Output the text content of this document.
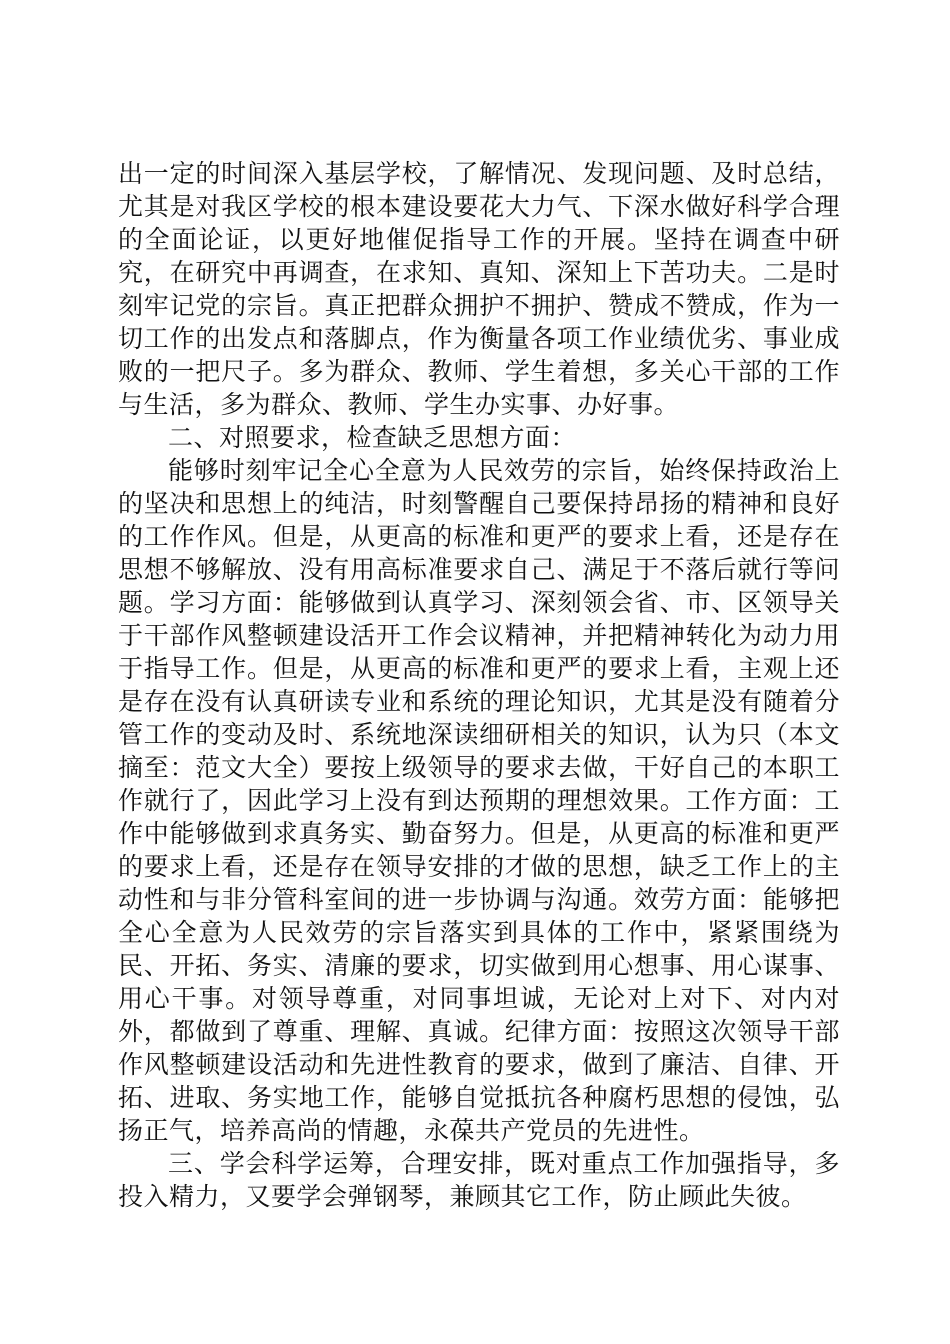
出一定的时间深入基层学校，了解情况、发现问题、及时总结，尤其是对我区学校的根本建设要花大力气、下深水做好科学合理的全面论证，以更好地催促指导工作的开展。坚持在调查中研究，在研究中再调查，在求知、真知、深知上下苦功夫。二是时刻牢记党的宗旨。真正把群众拥护不拥护、赞成不赞成，作为一切工作的出发点和落脚点，作为衡量各项工作业绩优劣、事业成败的一把尺子。多为群众、教师、学生着想，多关心干部的工作与生活，多为群众、教师、学生办实事、办好事。

二、对照要求，检查缺乏思想方面：

能够时刻牢记全心全意为人民效劳的宗旨，始终保持政治上的坚决和思想上的纯洁，时刻警醒自己要保持昂扬的精神和良好的工作作风。但是，从更高的标准和更严的要求上看，还是存在思想不够解放、没有用高标准要求自己、满足于不落后就行等问题。学习方面：能够做到认真学习、深刻领会省、市、区领导关于干部作风整顿建设活开工作会议精神，并把精神转化为动力用于指导工作。但是，从更高的标准和更严的要求上看，主观上还是存在没有认真研读专业和系统的理论知识，尤其是没有随着分管工作的变动及时、系统地深读细研相关的知识，认为只（本文摘至：范文大全）要按上级领导的要求去做，干好自己的本职工作就行了，因此学习上没有到达预期的理想效果。工作方面：工作中能够做到求真务实、勤奋努力。但是，从更高的标准和更严的要求上看，还是存在领导安排的才做的思想，缺乏工作上的主动性和与非分管科室间的进一步协调与沟通。效劳方面：能够把全心全意为人民效劳的宗旨落实到具体的工作中，紧紧围绕为民、开拓、务实、清廉的要求，切实做到用心想事、用心谋事、用心干事。对领导尊重，对同事坦诚，无论对上对下、对内对外，都做到了尊重、理解、真诚。纪律方面：按照这次领导干部作风整顿建设活动和先进性教育的要求，做到了廉洁、自律、开拓、进取、务实地工作，能够自觉抵抗各种腐朽思想的侵蚀，弘扬正气，培养高尚的情趣，永葆共产党员的先进性。

三、学会科学运筹，合理安排，既对重点工作加强指导，多投入精力，又要学会弹钢琴，兼顾其它工作，防止顾此失彼。
